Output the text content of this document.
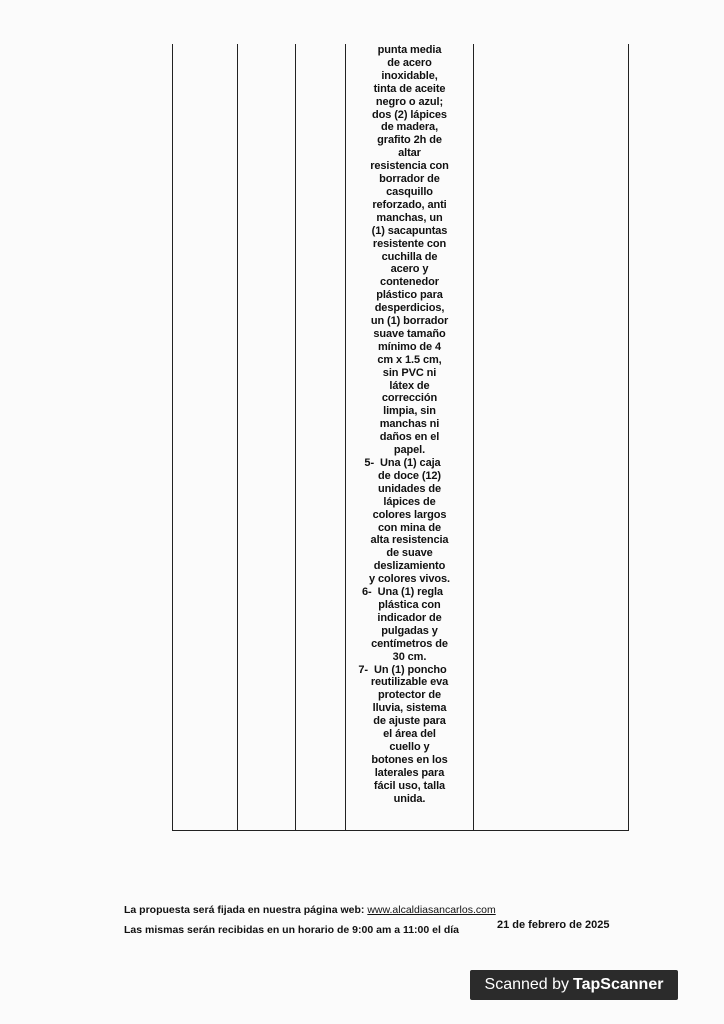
punta media
de acero
inoxidable,
tinta de aceite
negro o azul;
dos (2) lápices
de madera,
grafito 2h de
altar
resistencia con
borrador de
casquillo
reforzado, anti
manchas, un
(1) sacapuntas
resistente con
cuchilla de
acero y
contenedor
plástico para
desperdicios,
un (1) borrador
suave tamaño
mínimo de 4
cm x 1.5 cm,
sin PVC ni
látex de
corrección
limpia, sin
manchas ni
daños en el
papel.
5- Una (1) caja
de doce (12)
unidades de
lápices de
colores largos
con mina de
alta resistencia
de suave
deslizamiento
y colores vivos.
6- Una (1) regla
plástica con
indicador de
pulgadas y
centímetros de
30 cm.
7- Un (1) poncho
reutilizable eva
protector de
lluvia, sistema
de ajuste para
el área del
cuello y
botones en los
laterales para
fácil uso, talla
unida.
La propuesta será fijada en nuestra página web: www.alcaldiasancarlos.com
Las mismas serán recibidas en un horario de 9:00 am a 11:00 el día	21 de febrero de 2025
Scanned by TapScanner
